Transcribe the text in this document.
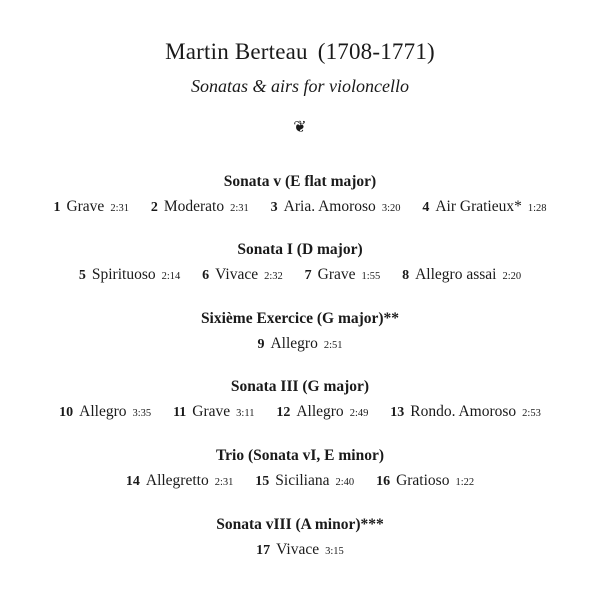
Martin Berteau (1708-1771)
Sonatas & airs for violoncello
❦
Sonata v (E flat major)
1 Grave 2:31 2 Moderato 2:31 3 Aria. Amoroso 3:20 4 Air Gratieux* 1:28
Sonata I (D major)
5 Spirituoso 2:14 6 Vivace 2:32 7 Grave 1:55 8 Allegro assai 2:20
Sixième Exercice (G major)**
9 Allegro 2:51
Sonata III (G major)
10 Allegro 3:35 11 Grave 3:11 12 Allegro 2:49 13 Rondo. Amoroso 2:53
Trio (Sonata vI, E minor)
14 Allegretto 2:31 15 Siciliana 2:40 16 Gratioso 1:22
Sonata vIII (A minor)***
17 Vivace 3:15
